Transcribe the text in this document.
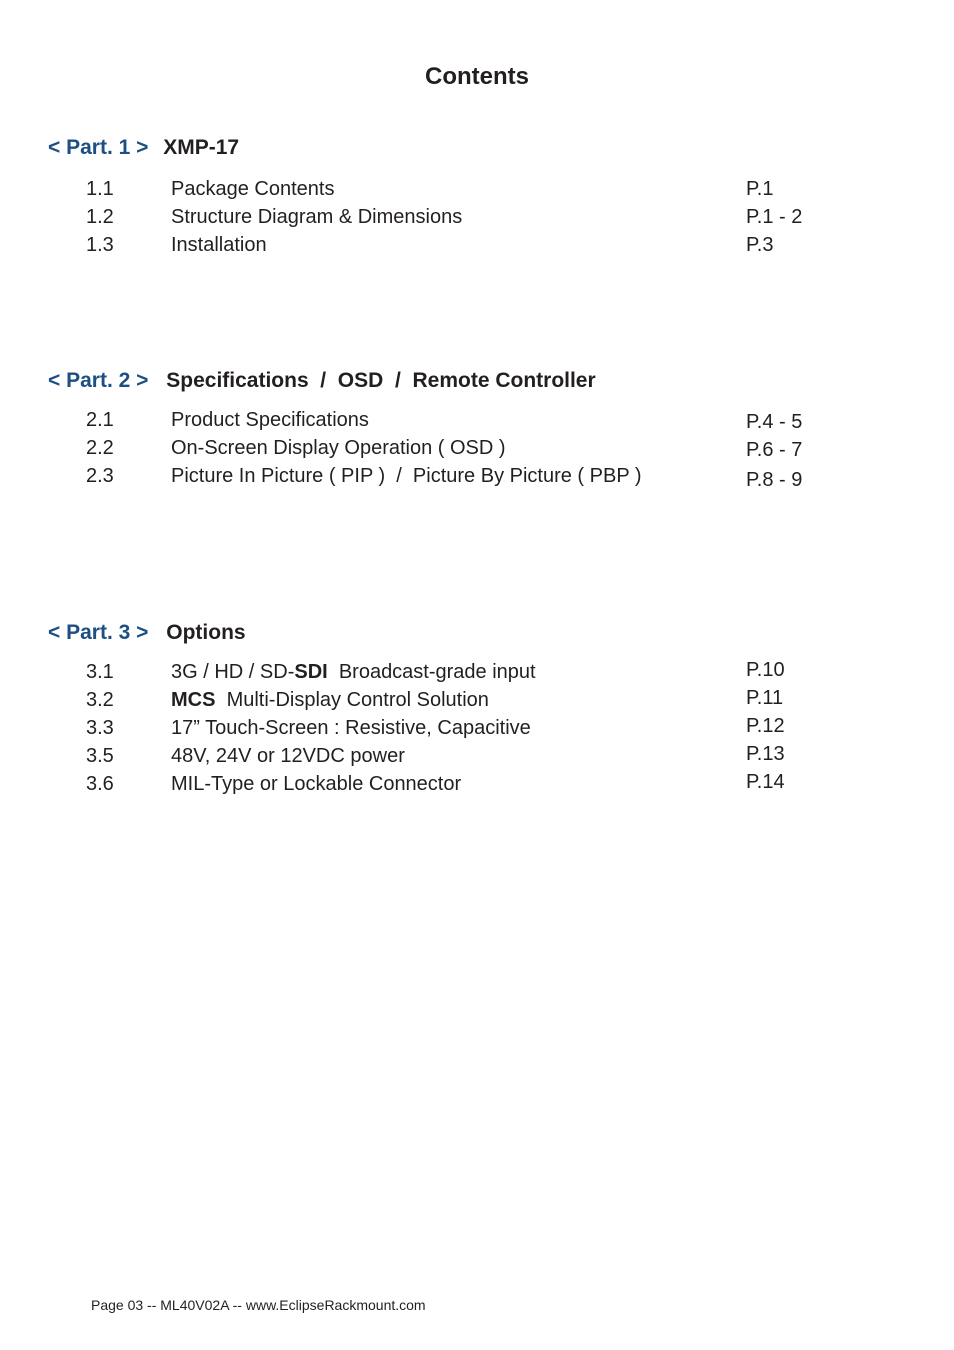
Contents
< Part. 1 > XMP-17
1.1	Package Contents	P.1
1.2	Structure Diagram & Dimensions	P.1 - 2
1.3	Installation	P.3
< Part. 2 > Specifications  /  OSD  /  Remote Controller
2.1	Product Specifications	P.4 - 5
2.2	On-Screen Display Operation ( OSD )	P.6 - 7
2.3	Picture In Picture ( PIP )  /  Picture By Picture ( PBP )	P.8 - 9
< Part. 3 > Options
3.1	3G / HD / SD-SDI  Broadcast-grade input	P.10
3.2	MCS  Multi-Display Control Solution	P.11
3.3	17” Touch-Screen : Resistive, Capacitive	P.12
3.5	48V, 24V or 12VDC power	P.13
3.6	MIL-Type or Lockable Connector	P.14
Page 03 -- ML40V02A -- www.EclipseRackmount.com
